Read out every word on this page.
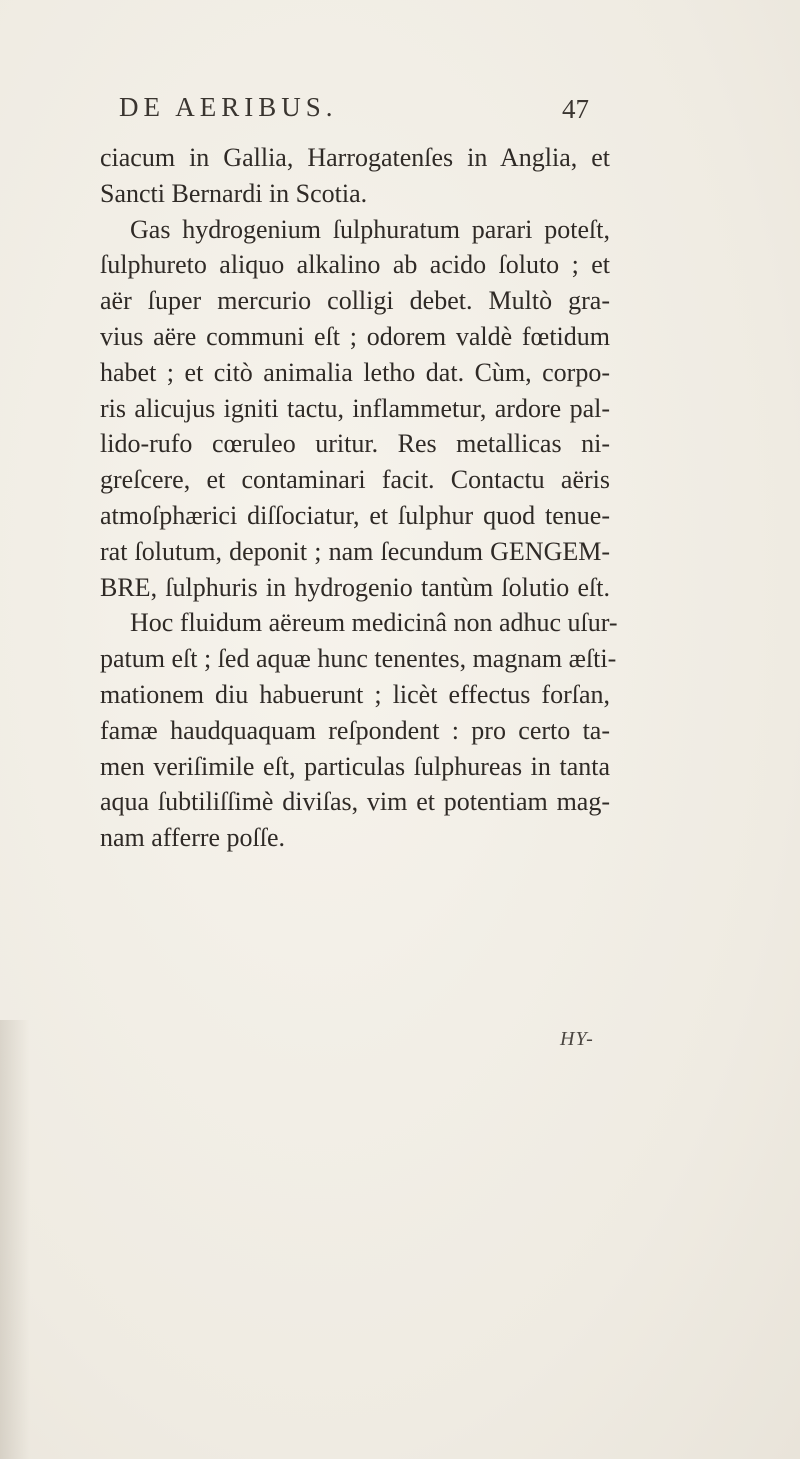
DE AERIBUS.	47
ciacum in Gallia, Harrogatenſes in Anglia, et
Sancti Bernardi in Scotia.
Gas hydrogenium ſulphuratum parari poteſt,
ſulphureto aliquo alkalino ab acido ſoluto ; et
aër ſuper mercurio colligi debet. Multò gra-
vius aëre communi eſt ; odorem valdè fœtidum
habet ; et citò animalia letho dat. Cùm, corpo-
ris alicujus igniti tactu, inflammetur, ardore pal-
lido-rufo cœruleo uritur. Res metallicas ni-
greſcere, et contaminari facit. Contactu aëris
atmoſphærici diſſociatur, et ſulphur quod tenue-
rat ſolutum, deponit ; nam ſecundum GENGEM-
BRE, ſulphuris in hydrogenio tantùm ſolutio eſt.
Hoc fluidum aëreum medicinâ non adhuc uſur-
patum eſt ; ſed aquæ hunc tenentes, magnam æſti-
mationem diu habuerunt ; licèt effectus forſan,
famæ haudquaquam reſpondent : pro certo ta-
men veriſimile eſt, particulas ſulphureas in tanta
aqua ſubtiliſſimè diviſas, vim et potentiam mag-
nam afferre poſſe.
HY-
